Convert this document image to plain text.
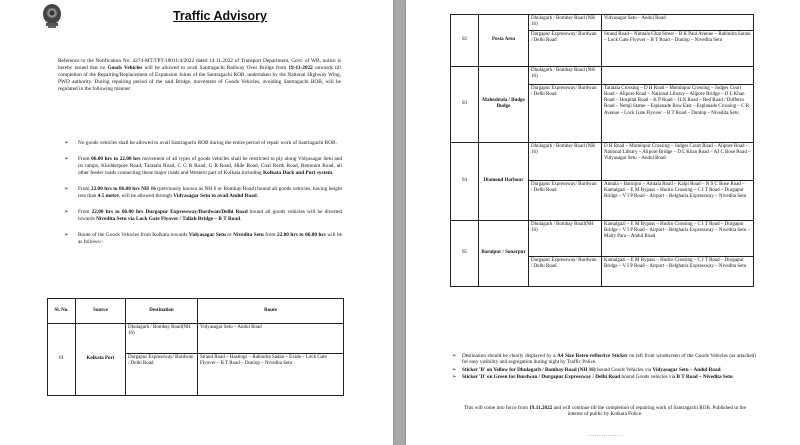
Traffic Advisory
Reference to the Notification No. 4274-MT/TPT-18011/4/2022 dated 14.11.2022 of Transport Department, Govt. of WB, notice is hereby issued that no Goods Vehicles will be allowed to avail Santragachi Railway Over Bridge from 19-11-2022 onwards till completion of the Repairing/Replacement of Expansion Joints of the Santragachi ROB, undertaken by the National Highway Wing, PWD authority. During repairing period of the said Bridge, movement of Goods Vehicles, avoiding Santragachi ROB, will be regulated in the following manner:
➢ No goods vehicles shall be allowed to avail Santragachi ROB during the entire period of repair work of Santragachi ROB.
➢ From 06.00 hrs to 22.00 hrs movement of all types of goods vehicles shall be restricted to ply along Vidyasagar Setu and its ramps, Khidderpore Road, Taratala Road, C G R Road, G R Road, Hide Road, Coal Berth Road, Remount Road, all other feeder roads connecting these major roads and Western part of Kolkata including Kolkata Dock and Port system.
➢ From 22.00 hrs to 06.00 hrs NH 16 (previously known as NH 6 or Bombay Road) bound all goods vehicles, having height less than 4.5 metre, will be allowed through Vidyasagar Setu to avail Andul Road.
➢ From 22.00 hrs to 06.00 hrs Durgapur Expressway/Burdwan/Delhi Road bound all goods vehicles will be diverted towards Nivedita Setu via Lock Gate Flyover / Tallah Bridge – B T Road.
➢ Route of the Goods Vehicles from Kolkata towards Vidyasagar Setu or Nivedita Setu from 22.00 hrs to 06.00 hrs will be as follows:-
Sl. No.	Source	Destination	Route
01	Kolkata Port	Dhulagarh / Bombay Road(NH 16)	Vidyasagar Setu – Andul Road
		Durgapur Expressway/ Burdwan / Delhi Road	Strand Road – Hastings – Rabindra Sadan – Exide – Lock Gate Flyover – B T Road – Dunlop – Nivedita Setu
02	Posta Area	Dhulagarh / Bombay Road (NH 16)	Vidyasagar Setu – Andul Road
		Durgapur Expressway/ Burdwan / Delhi Road	Strand Road – Nimtala Ghat Street – B K Paul Avenue – Rabindra Sarani – Lock Gate Flyover – B T Road – Dunlop – Nivedita Setu
03	Maheshtala / Budge Budge	Dhulagarh / Bombay Road (NH 16)	
		Durgapur Expressway/ Burdwan / Delhi Road	Taratala Crossing – D H Road – Mominpur Crossing – Judges Court Road – Alipore Road – National Library – Alipore Bridge – D L Khan Road – Hospital Road – K P Road – JLN Road – Red Road / Dufferin Road – Netaji Statue – Esplanade Row East – Esplanade Crossing – C R Avenue – Lock Gate Flyover – B T Road – Dunlop – Nivedita Setu
04	Diamond Harbour	Dhulagarh / Bombay Road (NH 16)	D H Road – Mominpur Crossing – Judges Court Road – Alipore Road – National Library – Alipore Bridge – D L Khan Road – AJ C Bose Road – Vidyasagar Setu – Andul Road
		Durgapur Expressway/ Burdwan / Delhi Road	Amtala – Baruipur – Amtala Road – Kalpi Road – N S C Bose Road – Kamalgazi – E M Bypass – Hudco Crossing – C I T Road – Durgapur Bridge – V I P Road – Airport – Belgharia Expressway – Nivedita Setu
05	Baruipur / Sonarpur	Dhulagarh / Bombay Road(NH 16)	Kamalgazi – E M Bypass – Hudco Crossing – C I T Road – Durgapur Bridge – V I P Road – Airport – Belgharia Expressway – Nivedita Setu – Maity Para – Andul Road
		Durgapur Expressway/ Burdwan / Delhi Road	Kamalgazi – E M Bypass – Hudco Crossing – C I T Road – Durgapur Bridge – V I P Road – Airport – Belgharia Expressway – Nivedita Setu
➢ Destination should be clearly displayed by a A4 Size Retro-reflective Sticker on left front windscreen of the Goods Vehicles (as attached) for easy visibility and segregation during night by Traffic Police.
➢ Sticker 'B' on Yellow for Dhulagarh / Bombay Road (NH 16) bound Goods Vehicles via Vidyasagar Setu – Andul Road.
➢ Sticker 'D' on Green for Burdwan / Durgapur Expressway / Delhi Road bound Goods vehicles via B T Road – Nivedita Setu.
This will come into force from 19.11.2022 and will continue till the completion of repairing work of Santragachi ROB. Published in the interest of public by Kolkata Police.
................
